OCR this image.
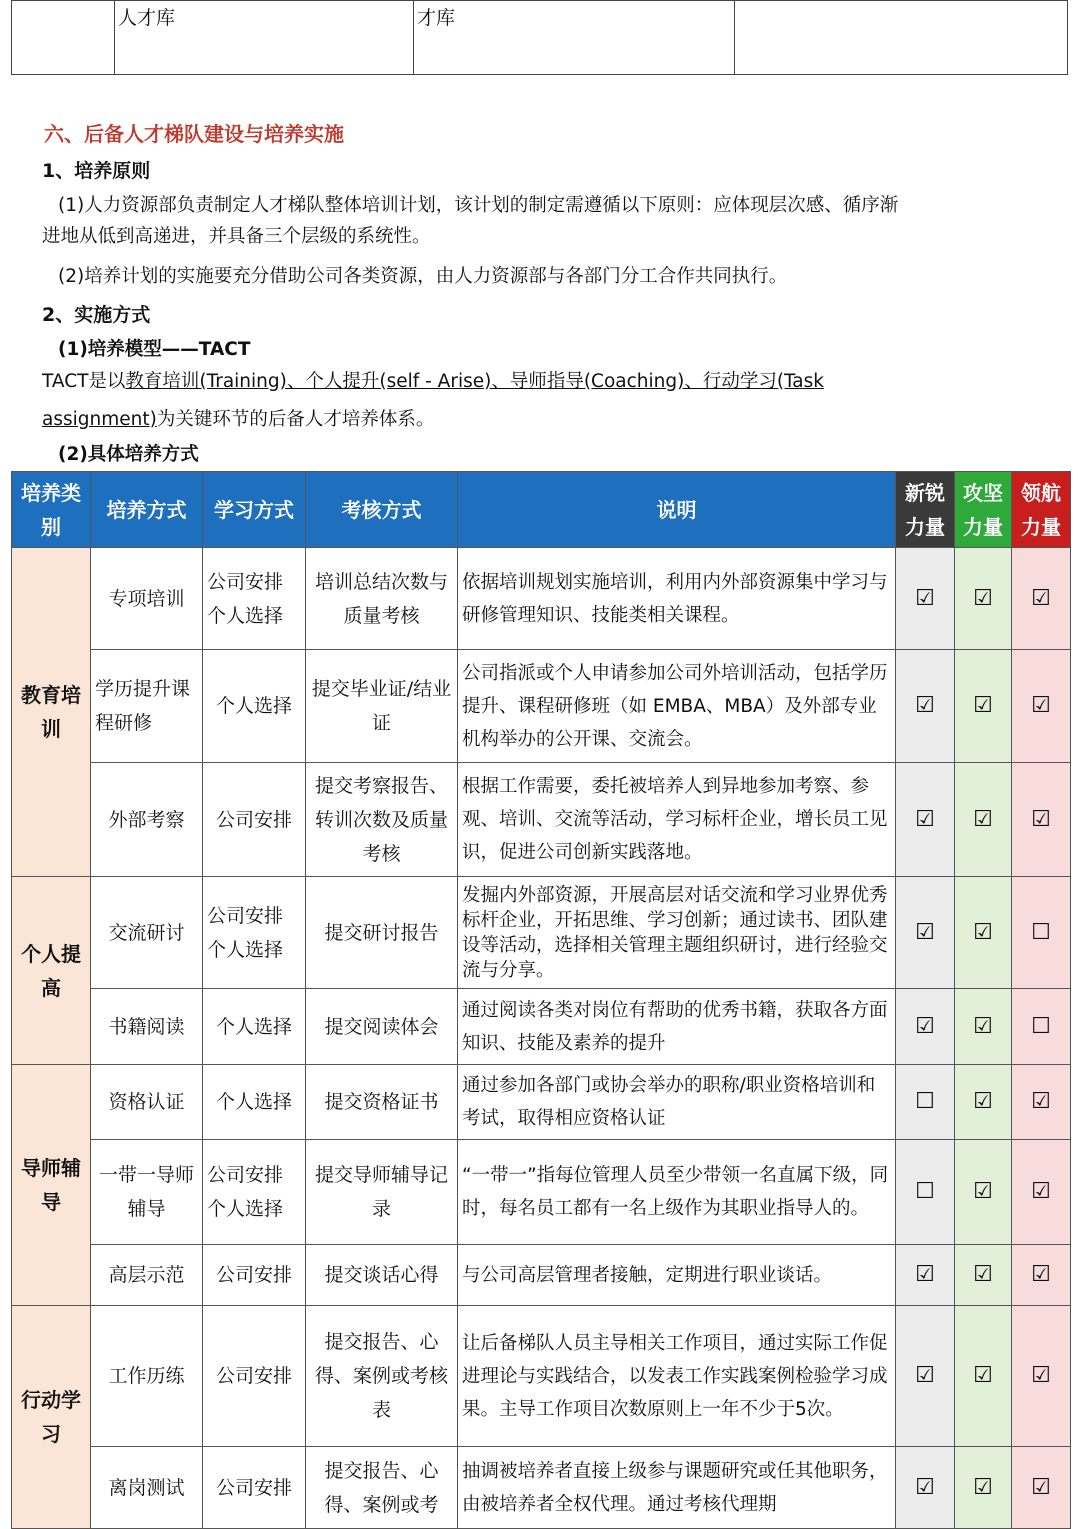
	人才库	才库	
六、后备人才梯队建设与培养实施
1、培养原则
(1)人力资源部负责制定人才梯队整体培训计划，该计划的制定需遵循以下原则：应体现层次感、循序渐
进地从低到高递进，并具备三个层级的系统性。
(2)培养计划的实施要充分借助公司各类资源，由人力资源部与各部门分工合作共同执行。
2、实施方式
(1)培养模型——TACT
TACT是以教育培训(Training)、个人提升(self - Arise)、导师指导(Coaching)、行动学习(Task
assignment)为关键环节的后备人才培养体系。
(2)具体培养方式
培养类别	培养方式	学习方式	考核方式	说明	新锐力量	攻坚力量	领航力量
教育培训	专项培训	公司安排个人选择	培训总结次数与质量考核	依据培训规划实施培训，利用内外部资源集中学习与研修管理知识、技能类相关课程。	☑	☑	☑
	学历提升课程研修	个人选择	提交毕业证/结业证	公司指派或个人申请参加公司外培训活动，包括学历提升、课程研修班（如 EMBA、MBA）及外部专业机构举办的公开课、交流会。	☑	☑	☑
	外部考察	公司安排	提交考察报告、转训次数及质量考核	根据工作需要，委托被培养人到异地参加考察、参观、培训、交流等活动，学习标杆企业，增长员工见识，促进公司创新实践落地。	☑	☑	☑
个人提高	交流研讨	公司安排个人选择	提交研讨报告	发掘内外部资源，开展高层对话交流和学习业界优秀标杆企业，开拓思维、学习创新；通过读书、团队建设等活动，选择相关管理主题组织研讨，进行经验交流与分享。	☑	☑	☐
	书籍阅读	个人选择	提交阅读体会	通过阅读各类对岗位有帮助的优秀书籍，获取各方面知识、技能及素养的提升	☑	☑	☐
导师辅导	资格认证	个人选择	提交资格证书	通过参加各部门或协会举办的职称/职业资格培训和考试，取得相应资格认证	☐	☑	☑
	一带一导师辅导	公司安排个人选择	提交导师辅导记录	“一带一”指每位管理人员至少带领一名直属下级，同时，每名员工都有一名上级作为其职业指导人的。	☐	☑	☑
	高层示范	公司安排	提交谈话心得	与公司高层管理者接触，定期进行职业谈话。	☑	☑	☑
行动学习	工作历练	公司安排	提交报告、心得、案例或考核表	让后备梯队人员主导相关工作项目，通过实际工作促进理论与实践结合，以发表工作实践案例检验学习成果。主导工作项目次数原则上一年不少于5次。	☑	☑	☑
	离岗测试	公司安排	提交报告、心得、案例或考	抽调被培养者直接上级参与课题研究或任其他职务，由被培养者全权代理。通过考核代理期	☑	☑	☑
